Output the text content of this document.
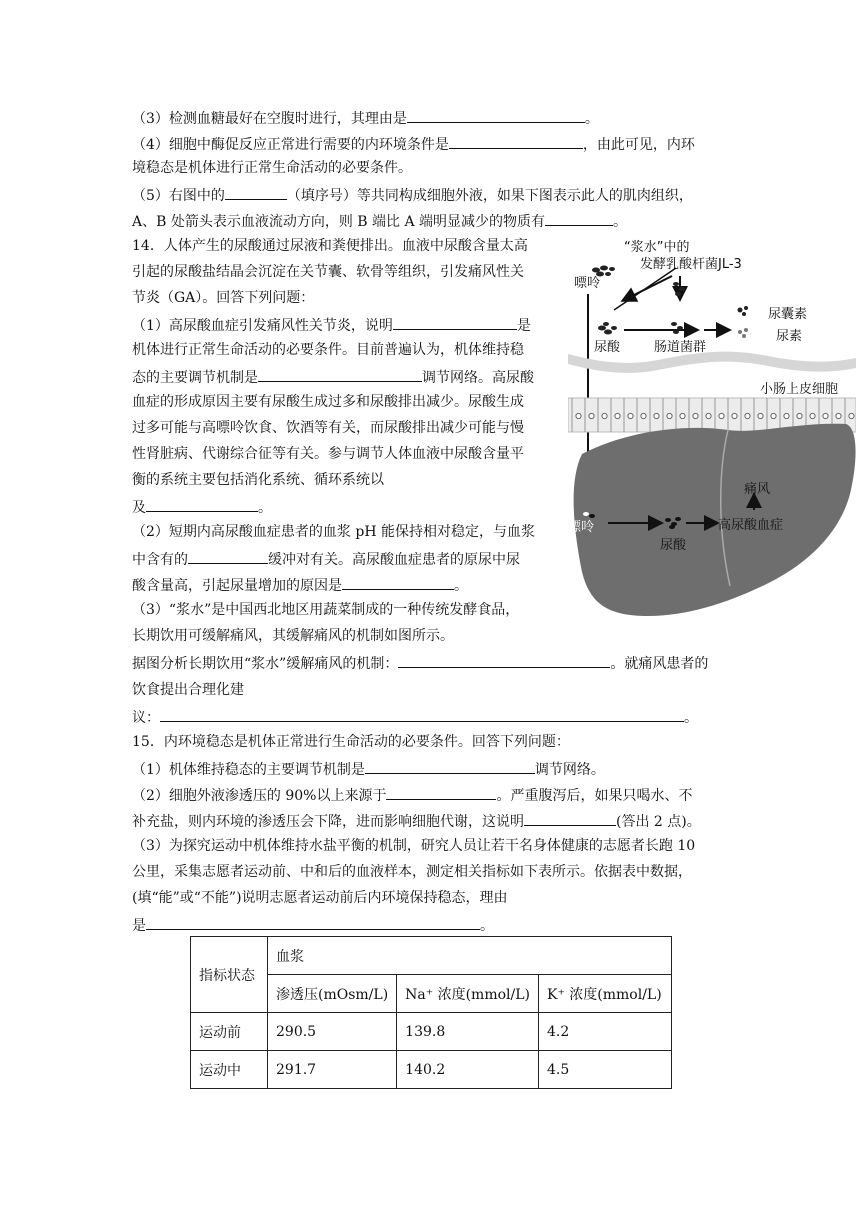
（3）检测血糖最好在空腹时进行，其理由是	。
（4）细胞中酶促反应正常进行需要的内环境条件是	，由此可见，内环
境稳态是机体进行正常生命活动的必要条件。
（5）右图中的	（填序号）等共同构成细胞外液，如果下图表示此人的肌肉组织，
A、B 处箭头表示血液流动方向，则 B 端比 A 端明显减少的物质有	。
14．人体产生的尿酸通过尿液和粪便排出。血液中尿酸含量太高
引起的尿酸盐结晶会沉淀在关节囊、软骨等组织，引发痛风性关
节炎（GA）。回答下列问题：
（1）高尿酸血症引发痛风性关节炎，说明	是
机体进行正常生命活动的必要条件。目前普遍认为，机体维持稳
态的主要调节机制是	调节网络。高尿酸
血症的形成原因主要有尿酸生成过多和尿酸排出减少。尿酸生成
过多可能与高嘌呤饮食、饮酒等有关，而尿酸排出减少可能与慢
性肾脏病、代谢综合征等有关。参与调节人体血液中尿酸含量平
衡的系统主要包括消化系统、循环系统以
及	。
（2）短期内高尿酸血症患者的血浆 pH 能保持相对稳定，与血浆
中含有的	缓冲对有关。高尿酸血症患者的原尿中尿
酸含量高，引起尿量增加的原因是	。
（3）“浆水”是中国西北地区用蔬菜制成的一种传统发酵食品，
长期饮用可缓解痛风，其缓解痛风的机制如图所示。
据图分析长期饮用“浆水”缓解痛风的机制：	。就痛风患者的
饮食提出合理化建
议：	。
15．内环境稳态是机体正常进行生命活动的必要条件。回答下列问题：
（1）机体维持稳态的主要调节机制是	调节网络。
（2）细胞外液渗透压的 90%以上来源于	。严重腹泻后，如果只喝水、不
补充盐，则内环境的渗透压会下降，进而影响细胞代谢，这说明	(答出 2 点)。
（3）为探究运动中机体维持水盐平衡的机制，研究人员让若干名身体健康的志愿者长跑 10
公里，采集志愿者运动前、中和后的血液样本，测定相关指标如下表所示。依据表中数据，
(填“能”或“不能”)说明志愿者运动前后内环境保持稳态，理由
是	。
“浆水”中的
发酵乳酸杆菌JL-3
嘌呤
尿囊素
尿素
尿酸	肠道菌群
小肠上皮细胞
痛风
嘌呤	高尿酸血症
尿酸
指标状态	血浆		
	渗透压(mOsm/L)	Na⁺ 浓度(mmol/L)	K⁺ 浓度(mmol/L)
运动前	290.5	139.8	4.2
运动中	291.7	140.2	4.5
